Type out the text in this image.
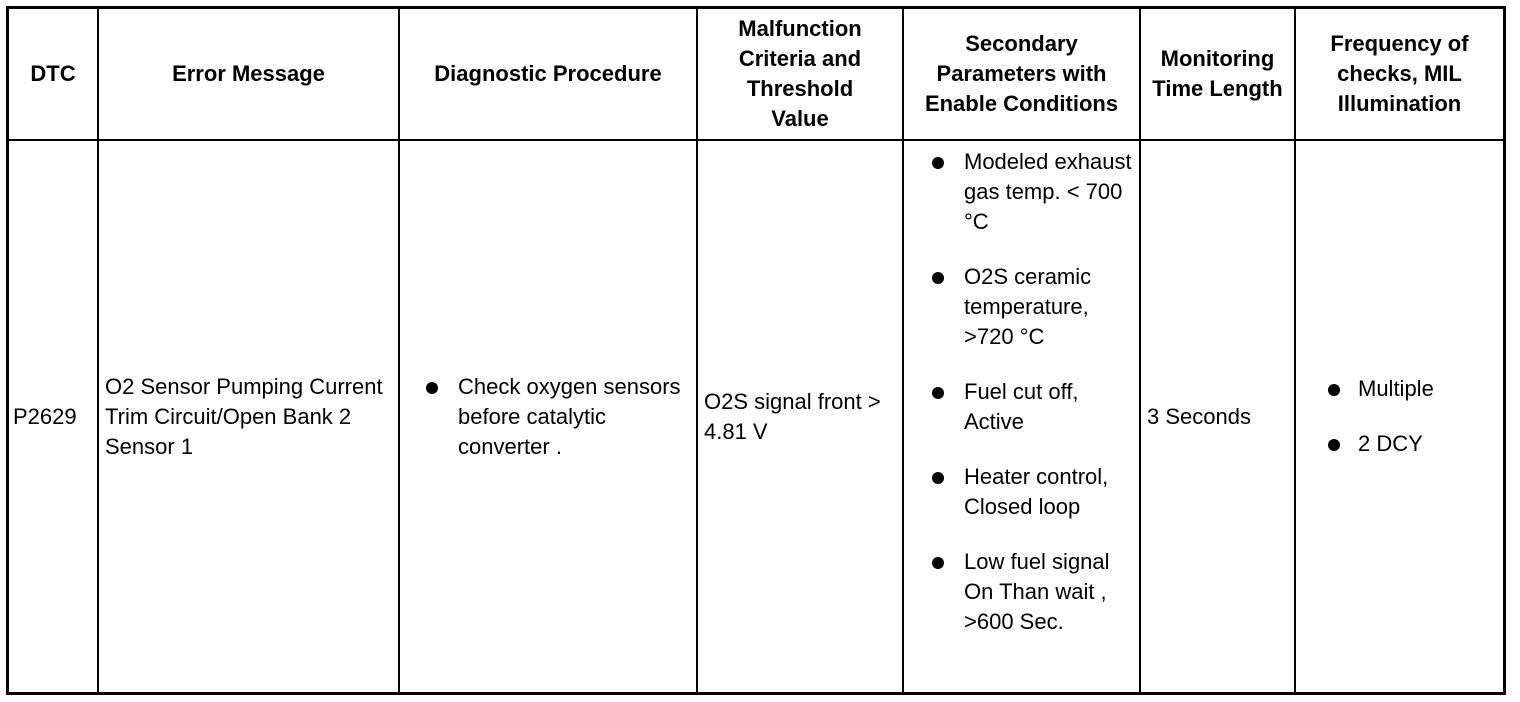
DTC	Error Message	Diagnostic Procedure
Malfunction Criteria and Threshold Value
Secondary Parameters with Enable Conditions
Monitoring Time Length
Frequency of checks, MIL Illumination
P2629
O2 Sensor Pumping Current Trim Circuit/Open Bank 2 Sensor 1
Check oxygen sensors before catalytic converter .
O2S signal front > 4.81 V
Modeled exhaust gas temp. < 700 °C
O2S ceramic temperature, >720 °C
Fuel cut off, Active
Heater control, Closed loop
Low fuel signal On Than wait , >600 Sec.
3 Seconds
Multiple
2 DCY
